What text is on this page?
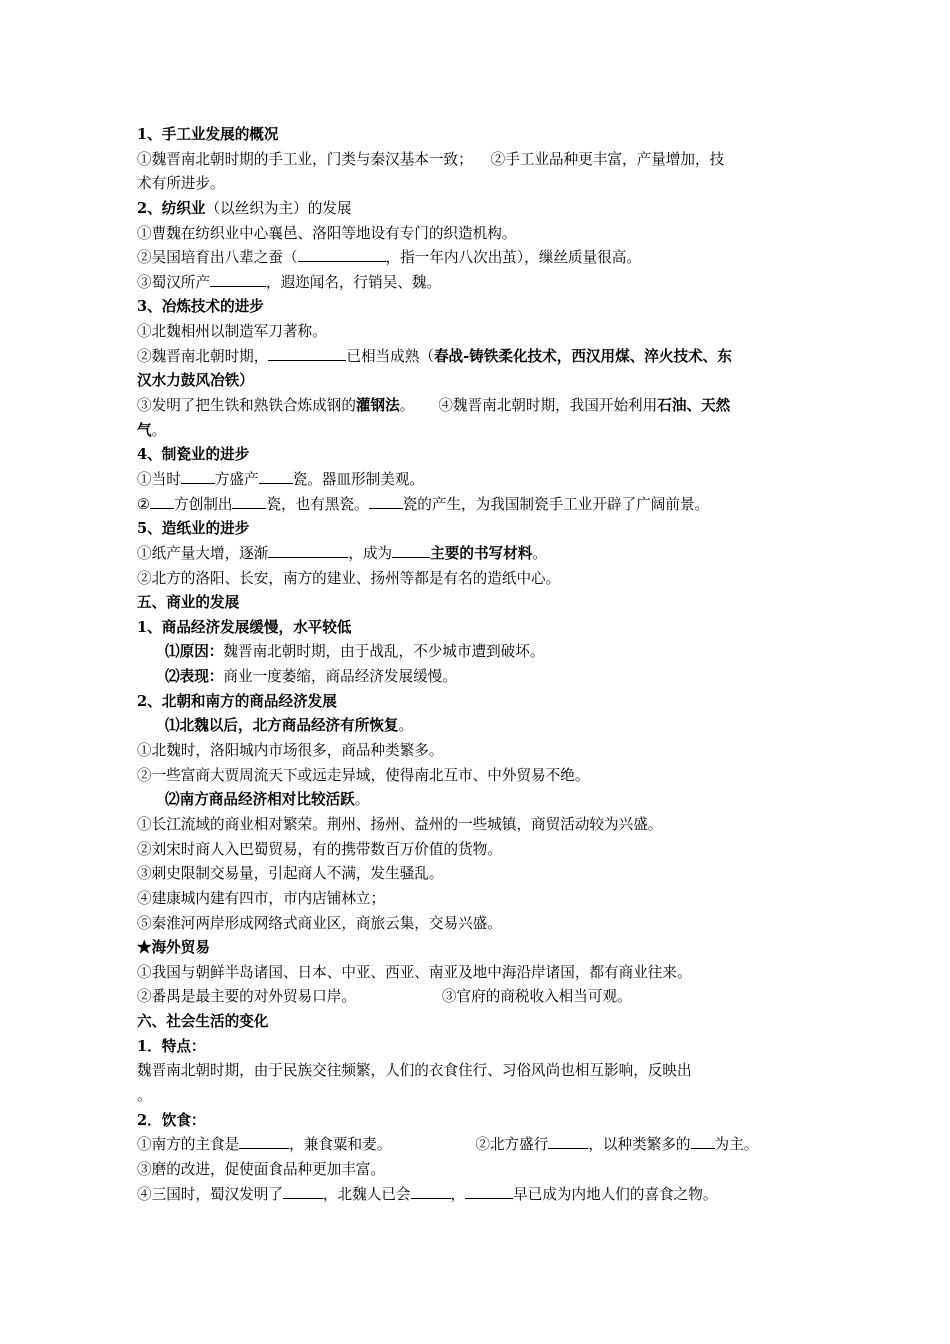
1、手工业发展的概况
①魏晋南北朝时期的手工业，门类与秦汉基本一致； ②手工业品种更丰富，产量增加，技
术有所进步。
2、纺织业（以丝织为主）的发展
①曹魏在纺织业中心襄邑、洛阳等地设有专门的织造机构。
②吴国培育出八辈之蚕（	，指一年内八次出茧），缫丝质量很高。
③蜀汉所产	，遐迩闻名，行销吴、魏。
3、冶炼技术的进步
①北魏相州以制造军刀著称。
②魏晋南北朝时期，	已相当成熟（春战-铸铁柔化技术，西汉用煤、淬火技术、东
汉水力鼓风冶铁）
③发明了把生铁和熟铁合炼成钢的灌钢法。 ④魏晋南北朝时期，我国开始利用石油、天然
气。
4、制瓷业的进步
①当时 方盛产 瓷。器皿形制美观。
② 方创制出 瓷，也有黑瓷。 瓷的产生，为我国制瓷手工业开辟了广阔前景。
5、造纸业的进步
①纸产量大增，逐渐	，成为	主要的书写材料。
②北方的洛阳、长安，南方的建业、扬州等都是有名的造纸中心。
五、商业的发展
1、商品经济发展缓慢，水平较低
⑴原因：魏晋南北朝时期，由于战乱，不少城市遭到破坏。
⑵表现：商业一度萎缩，商品经济发展缓慢。
2、北朝和南方的商品经济发展
⑴北魏以后，北方商品经济有所恢复。
①北魏时，洛阳城内市场很多，商品种类繁多。
②一些富商大贾周流天下或远走异域，使得南北互市、中外贸易不绝。
⑵南方商品经济相对比较活跃。
①长江流域的商业相对繁荣。荆州、扬州、益州的一些城镇，商贸活动较为兴盛。
②刘宋时商人入巴蜀贸易，有的携带数百万价值的货物。
③刺史限制交易量，引起商人不满，发生骚乱。
④建康城内建有四市，市内店铺林立；
⑤秦淮河两岸形成网络式商业区，商旅云集，交易兴盛。
★海外贸易
①我国与朝鲜半岛诸国、日本、中亚、西亚、南亚及地中海沿岸诸国，都有商业往来。
②番禺是最主要的对外贸易口岸。	③官府的商税收入相当可观。
六、社会生活的变化
1．特点：
魏晋南北朝时期，由于民族交往频繁，人们的衣食住行、习俗风尚也相互影响，反映出
。
2．饮食：
①南方的主食是	，兼食粟和麦。	②北方盛行	，以种类繁多的 为主。
③磨的改进，促使面食品种更加丰富。
④三国时，蜀汉发明了	，北魏人已会	，	早已成为内地人们的喜食之物。
